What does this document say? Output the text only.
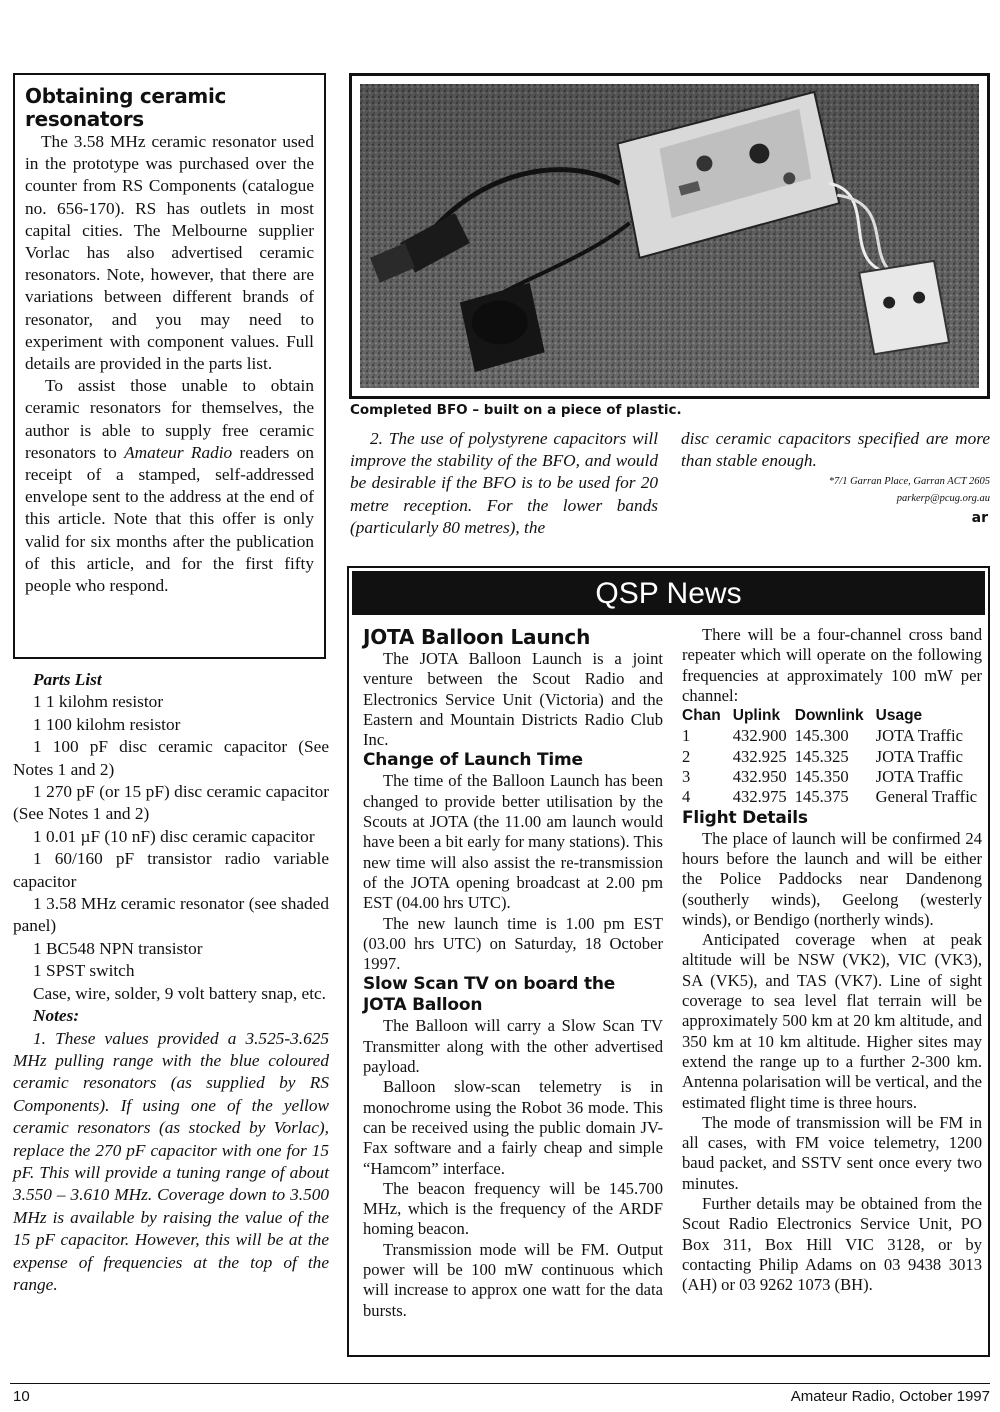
Obtaining ceramic resonators

The 3.58 MHz ceramic resonator used in the prototype was purchased over the counter from RS Components (catalogue no. 656-170). RS has outlets in most capital cities. The Melbourne supplier Vorlac has also advertised ceramic resonators. Note, however, that there are variations between different brands of resonator, and you may need to experiment with component values. Full details are provided in the parts list.

To assist those unable to obtain ceramic resonators for themselves, the author is able to supply free ceramic resonators to Amateur Radio readers on receipt of a stamped, self-addressed envelope sent to the address at the end of this article. Note that this offer is only valid for six months after the publication of this article, and for the first fifty people who respond.

Parts List
1 1 kilohm resistor
1 100 kilohm resistor
1 100 pF disc ceramic capacitor (See Notes 1 and 2)
1 270 pF (or 15 pF) disc ceramic capacitor (See Notes 1 and 2)
1 0.01 µF (10 nF) disc ceramic capacitor
1 60/160 pF transistor radio variable capacitor
1 3.58 MHz ceramic resonator (see shaded panel)
1 BC548 NPN transistor
1 SPST switch
Case, wire, solder, 9 volt battery snap, etc.
Notes:
1. These values provided a 3.525-3.625 MHz pulling range with the blue coloured ceramic resonators (as supplied by RS Components). If using one of the yellow ceramic resonators (as stocked by Vorlac), replace the 270 pF capacitor with one for 15 pF. This will provide a tuning range of about 3.550 – 3.610 MHz. Coverage down to 3.500 MHz is available by raising the value of the 15 pF capacitor. However, this will be at the expense of frequencies at the top of the range.
Completed BFO – built on a piece of plastic.
2. The use of polystyrene capacitors will improve the stability of the BFO, and would be desirable if the BFO is to be used for 20 metre reception. For the lower bands (particularly 80 metres), the
disc ceramic capacitors specified are more than stable enough.
*7/1 Garran Place, Garran ACT 2605
parkerp@pcug.org.au
ar
QSP News
JOTA Balloon Launch

The JOTA Balloon Launch is a joint venture between the Scout Radio and Electronics Service Unit (Victoria) and the Eastern and Mountain Districts Radio Club Inc.

Change of Launch Time

The time of the Balloon Launch has been changed to provide better utilisation by the Scouts at JOTA (the 11.00 am launch would have been a bit early for many stations). This new time will also assist the re-transmission of the JOTA opening broadcast at 2.00 pm EST (04.00 hrs UTC).

The new launch time is 1.00 pm EST (03.00 hrs UTC) on Saturday, 18 October 1997.

Slow Scan TV on board the JOTA Balloon

The Balloon will carry a Slow Scan TV Transmitter along with the other advertised payload.

Balloon slow-scan telemetry is in monochrome using the Robot 36 mode. This can be received using the public domain JV-Fax software and a fairly cheap and simple “Hamcom” interface.

The beacon frequency will be 145.700 MHz, which is the frequency of the ARDF homing beacon.

Transmission mode will be FM. Output power will be 100 mW continuous which will increase to approx one watt for the data bursts.

There will be a four-channel cross band repeater which will operate on the following frequencies at approximately 100 mW per channel:

Chan	Uplink	Downlink	Usage
1	432.900	145.300	JOTA Traffic
2	432.925	145.325	JOTA Traffic
3	432.950	145.350	JOTA Traffic
4	432.975	145.375	General Traffic
Flight Details

The place of launch will be confirmed 24 hours before the launch and will be either the Police Paddocks near Dandenong (southerly winds), Geelong (westerly winds), or Bendigo (northerly winds).

Anticipated coverage when at peak altitude will be NSW (VK2), VIC (VK3), SA (VK5), and TAS (VK7). Line of sight coverage to sea level flat terrain will be approximately 500 km at 20 km altitude, and 350 km at 10 km altitude. Higher sites may extend the range up to a further 2-300 km. Antenna polarisation will be vertical, and the estimated flight time is three hours.

The mode of transmission will be FM in all cases, with FM voice telemetry, 1200 baud packet, and SSTV sent once every two minutes.

Further details may be obtained from the Scout Radio Electronics Service Unit, PO Box 311, Box Hill VIC 3128, or by contacting Philip Adams on 03 9438 3013 (AH) or 03 9262 1073 (BH).

10	Amateur Radio, October 1997
